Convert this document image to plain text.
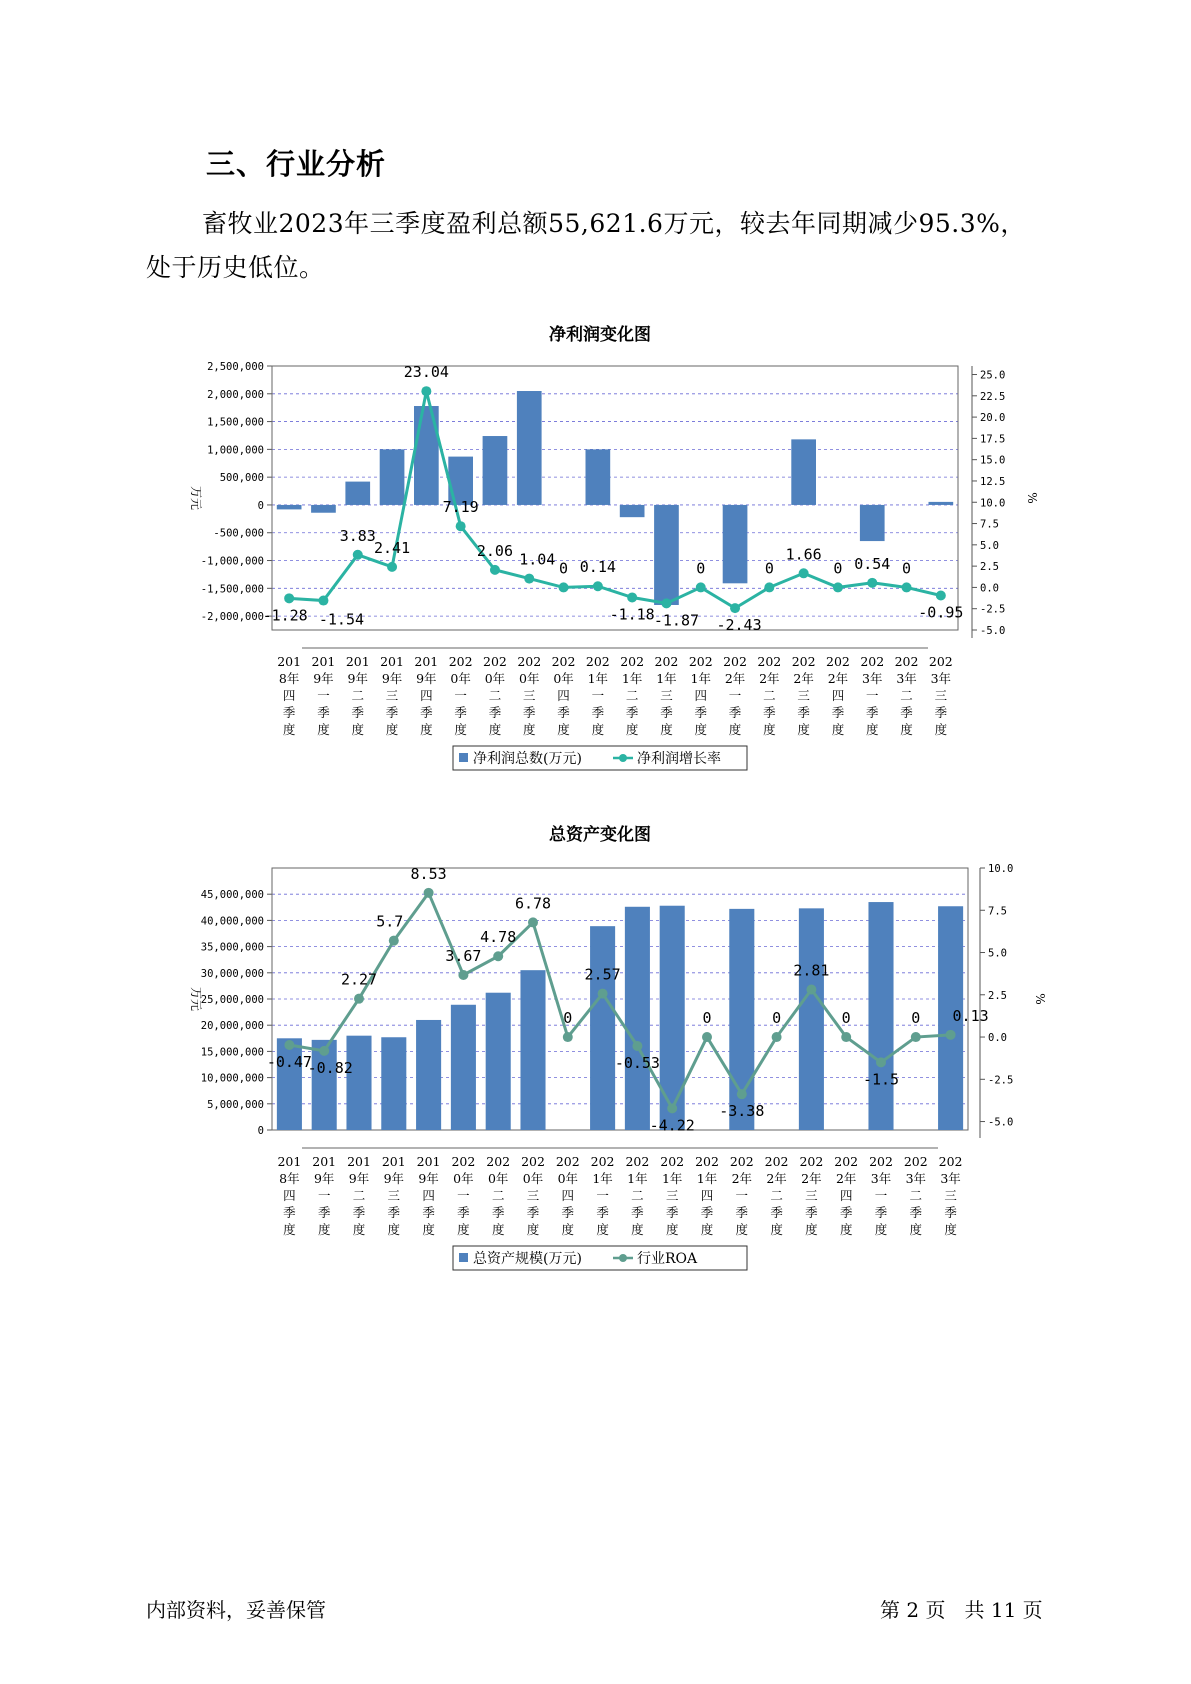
三、行业分析
畜牧业2023年三季度盈利总额55,621.6万元，较去年同期减少95.3%，处于历史低位。
净利润变化图
2,500,000
2,000,000
1,500,000
1,000,000
500,000
0
-500,000
-1,000,000
-1,500,000
-2,000,000
25.0
22.5
20.0
17.5
15.0
12.5
10.0
7.5
5.0
2.5
0.0
-2.5
-5.0
万元	%
-1.28 -1.54
3.83
2.41
23.04
7.19
2.06 1.04 0 0.14
-1.18 -1.87
0
-2.43
0
1.66
0 0.54 0
-0.95
201
8年
四
季
度
201
9年
一
季
度
201
9年
二
季
度
201
9年
三
季
度
201
9年
四
季
度
202
0年
一
季
度
202
0年
二
季
度
202
0年
三
季
度
202
0年
四
季
度
202
1年
一
季
度
202
1年
二
季
度
202
1年
三
季
度
202
1年
四
季
度
202
2年
一
季
度
202
2年
二
季
度
202
2年
三
季
度
202
2年
四
季
度
202
3年
一
季
度
202
3年
二
季
度
202
3年
三
季
度
净利润总数(万元)	净利润增长率
总资产变化图
45,000,000
40,000,000
35,000,000
30,000,000
25,000,000
20,000,000
15,000,000
10,000,000
5,000,000
0
10.0
7.5
5.0
2.5
0.0
-2.5
-5.0
万元	%
-0.47
-0.82
2.27
5.7
8.53
3.67
4.78
6.78
0
2.57
-0.53
-4.22
0
-3.38
0
2.81
0
-1.5
0 0.13
201
8年
四
季
度
201
9年
一
季
度
201
9年
二
季
度
201
9年
三
季
度
201
9年
四
季
度
202
0年
一
季
度
202
0年
二
季
度
202
0年
三
季
度
202
0年
四
季
度
202
1年
一
季
度
202
1年
二
季
度
202
1年
三
季
度
202
1年
四
季
度
202
2年
一
季
度
202
2年
二
季
度
202
2年
三
季
度
202
2年
四
季
度
202
3年
一
季
度
202
3年
二
季
度
202
3年
三
季
度
总资产规模(万元)	行业ROA
内部资料，妥善保管	第 2 页   共 11 页
